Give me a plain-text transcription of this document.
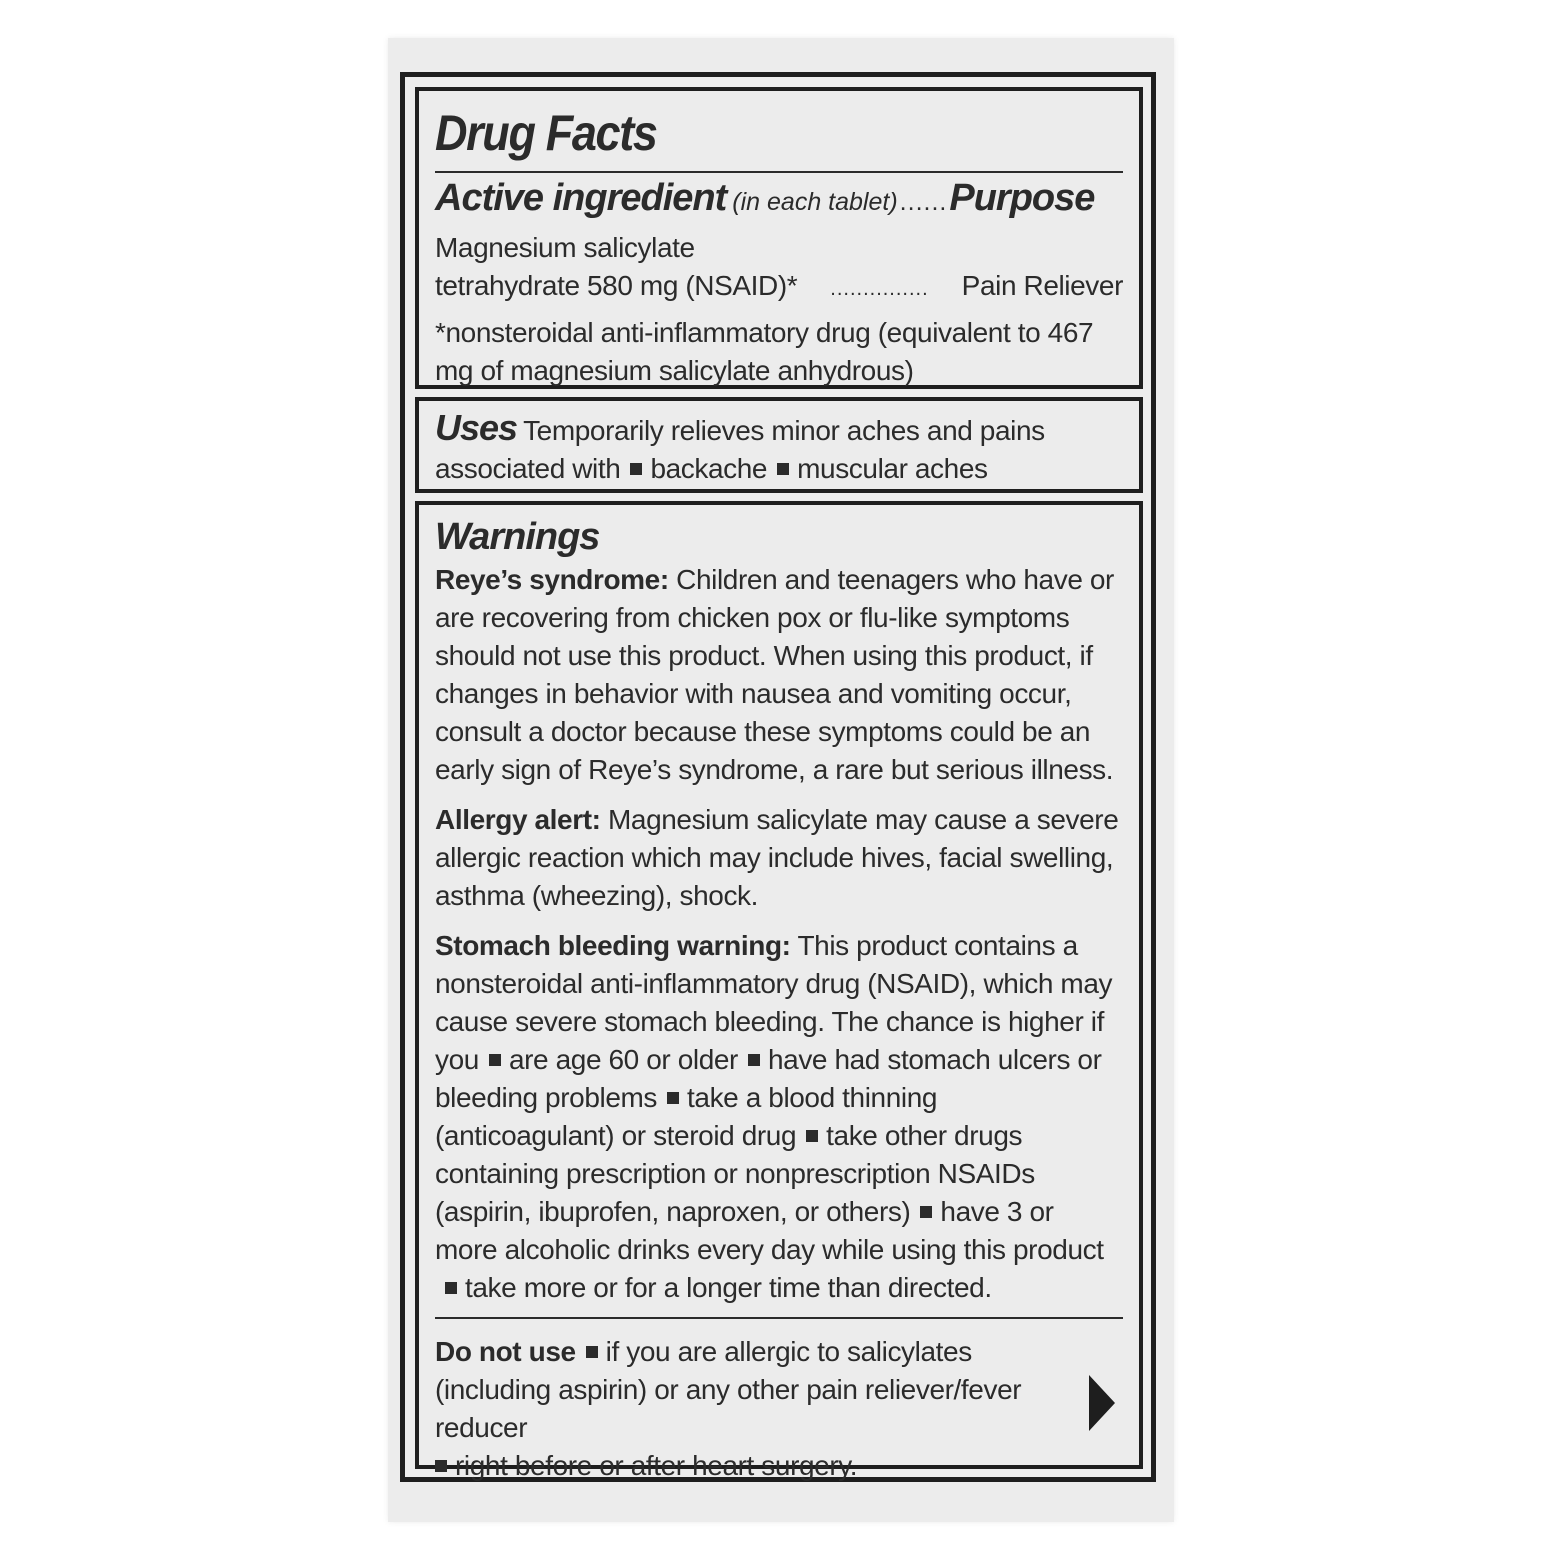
Drug Facts
Active ingredient (in each tablet) ...... Purpose
Magnesium salicylate
tetrahydrate 580 mg (NSAID)*	...............	Pain Reliever
*nonsteroidal anti-inflammatory drug (equivalent to 467 mg of magnesium salicylate anhydrous)
Uses Temporarily relieves minor aches and pains associated with backache muscular aches
Warnings
Reye’s syndrome: Children and teenagers who have or are recovering from chicken pox or flu-like symptoms should not use this product. When using this product, if changes in behavior with nausea and vomiting occur, consult a doctor because these symptoms could be an early sign of Reye’s syndrome, a rare but serious illness.
Allergy alert: Magnesium salicylate may cause a severe allergic reaction which may include hives, facial swelling, asthma (wheezing), shock.
Stomach bleeding warning: This product contains a nonsteroidal anti-inflammatory drug (NSAID), which may cause severe stomach bleeding. The chance is higher if you are age 60 or older have had stomach ulcers or bleeding problems take a blood thinning (anticoagulant) or steroid drug take other drugs containing prescription or nonprescription NSAIDs (aspirin, ibuprofen, naproxen, or others) have 3 or more alcoholic drinks every day while using this producttake more or for a longer time than directed.
Do not use if you are allergic to salicylates (including aspirin) or any other pain reliever/fever reducer
right before or after heart surgery.
